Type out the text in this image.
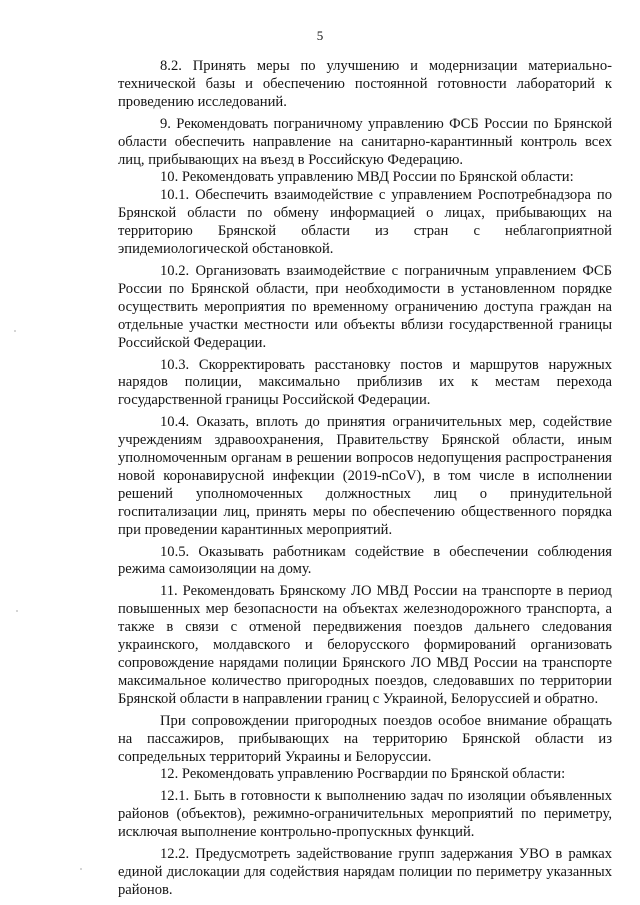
5

8.2. Принять меры по улучшению и модернизации материально-технической базы и обеспечению постоянной готовности лабораторий к проведению исследований.

9. Рекомендовать пограничному управлению ФСБ России по Брянской области обеспечить направление на санитарно-карантинный контроль всех лиц, прибывающих на въезд в Российскую Федерацию.

10. Рекомендовать управлению МВД России по Брянской области:

10.1. Обеспечить взаимодействие с управлением Роспотребнадзора по Брянской области по обмену информацией о лицах, прибывающих на территорию Брянской области из стран с неблагоприятной эпидемиологической обстановкой.

10.2. Организовать взаимодействие с пограничным управлением ФСБ России по Брянской области, при необходимости в установленном порядке осуществить мероприятия по временному ограничению доступа граждан на отдельные участки местности или объекты вблизи государственной границы Российской Федерации.

10.3. Скорректировать расстановку постов и маршрутов наружных нарядов полиции, максимально приблизив их к местам перехода государственной границы Российской Федерации.

10.4. Оказать, вплоть до принятия ограничительных мер, содействие учреждениям здравоохранения, Правительству Брянской области, иным уполномоченным органам в решении вопросов недопущения распространения новой коронавирусной инфекции (2019-nCoV), в том числе в исполнении решений уполномоченных должностных лиц о принудительной госпитализации лиц, принять меры по обеспечению общественного порядка при проведении карантинных мероприятий.

10.5. Оказывать работникам содействие в обеспечении соблюдения режима самоизоляции на дому.

11. Рекомендовать Брянскому ЛО МВД России на транспорте в период повышенных мер безопасности на объектах железнодорожного транспорта, а также в связи с отменой передвижения поездов дальнего следования украинского, молдавского и белорусского формирований организовать сопровождение нарядами полиции Брянского ЛО МВД России на транспорте максимальное количество пригородных поездов, следовавших по территории Брянской области в направлении границ с Украиной, Белоруссией и обратно.

При сопровождении пригородных поездов особое внимание обращать на пассажиров, прибывающих на территорию Брянской области из сопредельных территорий Украины и Белоруссии.

12. Рекомендовать управлению Росгвардии по Брянской области:

12.1. Быть в готовности к выполнению задач по изоляции объявленных районов (объектов), режимно-ограничительных мероприятий по периметру, исключая выполнение контрольно-пропускных функций.

12.2. Предусмотреть задействование групп задержания УВО в рамках единой дислокации для содействия нарядам полиции по периметру указанных районов.
